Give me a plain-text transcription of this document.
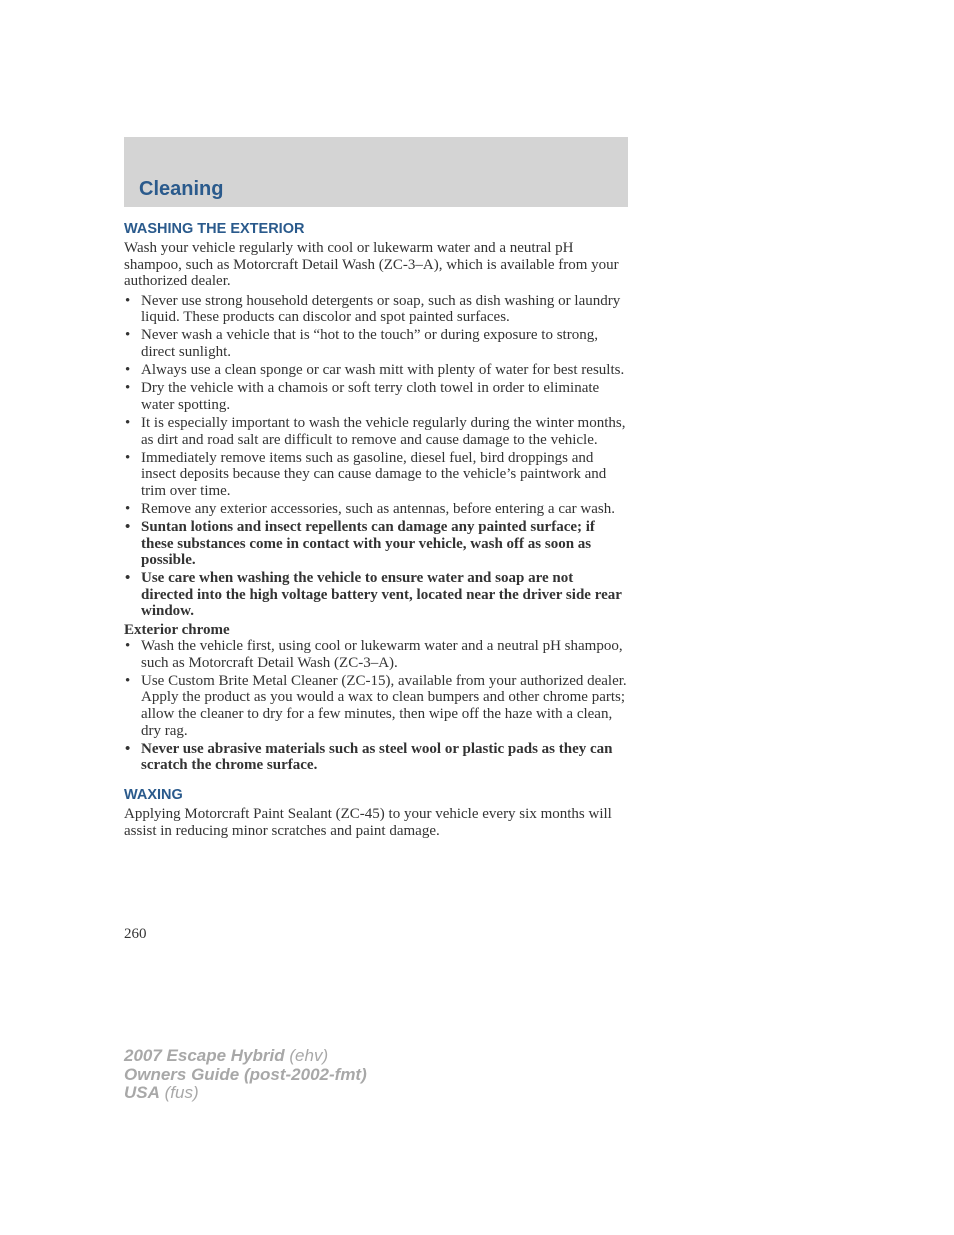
Cleaning
WASHING THE EXTERIOR
Wash your vehicle regularly with cool or lukewarm water and a neutral pH shampoo, such as Motorcraft Detail Wash (ZC-3–A), which is available from your authorized dealer.
• Never use strong household detergents or soap, such as dish washing or laundry liquid. These products can discolor and spot painted surfaces.
• Never wash a vehicle that is “hot to the touch” or during exposure to strong, direct sunlight.
• Always use a clean sponge or car wash mitt with plenty of water for best results.
• Dry the vehicle with a chamois or soft terry cloth towel in order to eliminate water spotting.
• It is especially important to wash the vehicle regularly during the winter months, as dirt and road salt are difficult to remove and cause damage to the vehicle.
• Immediately remove items such as gasoline, diesel fuel, bird droppings and insect deposits because they can cause damage to the vehicle’s paintwork and trim over time.
• Remove any exterior accessories, such as antennas, before entering a car wash.
• Suntan lotions and insect repellents can damage any painted surface; if these substances come in contact with your vehicle, wash off as soon as possible.
• Use care when washing the vehicle to ensure water and soap are not directed into the high voltage battery vent, located near the driver side rear window.
Exterior chrome
• Wash the vehicle first, using cool or lukewarm water and a neutral pH shampoo, such as Motorcraft Detail Wash (ZC-3–A).
• Use Custom Brite Metal Cleaner (ZC-15), available from your authorized dealer. Apply the product as you would a wax to clean bumpers and other chrome parts; allow the cleaner to dry for a few minutes, then wipe off the haze with a clean, dry rag.
• Never use abrasive materials such as steel wool or plastic pads as they can scratch the chrome surface.
WAXING
Applying Motorcraft Paint Sealant (ZC-45) to your vehicle every six months will assist in reducing minor scratches and paint damage.
260
2007 Escape Hybrid (ehv)
Owners Guide (post-2002-fmt)
USA (fus)
